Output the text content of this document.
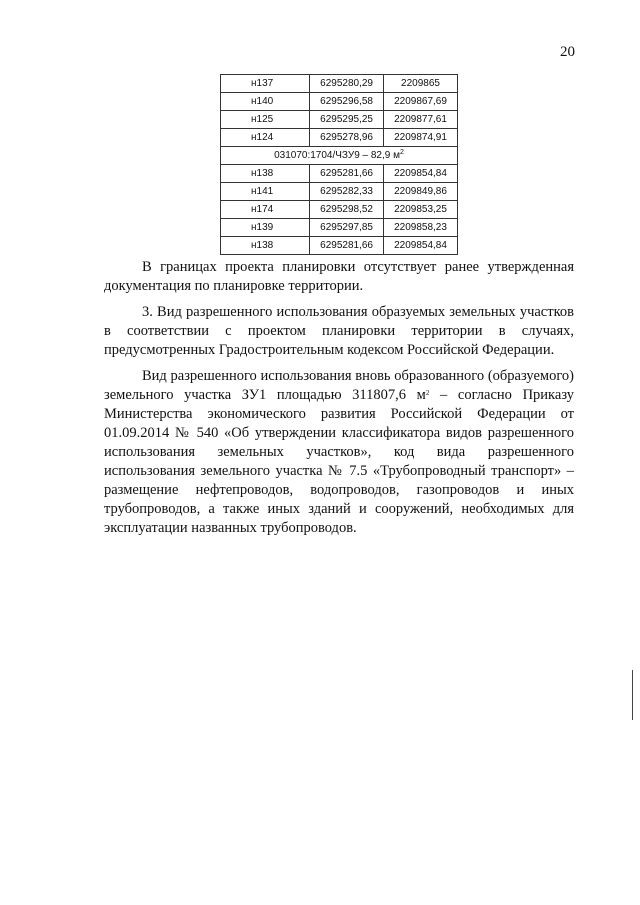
20
н137	6295280,29	2209865
н140	6295296,58	2209867,69
н125	6295295,25	2209877,61
н124	6295278,96	2209874,91
031070:1704/ЧЗУ9 – 82,9 $м^2$
н138	6295281,66	2209854,84
н141	6295282,33	2209849,86
н174	6295298,52	2209853,25
н139	6295297,85	2209858,23
н138	6295281,66	2209854,84

В границах проекта планировки отсутствует ранее утвержденная документация по планировке территории.

3. Вид разрешенного использования образуемых земельных участков в соответствии с проектом планировки территории в случаях, предусмотренных Градостроительным кодексом Российской Федерации.

Вид разрешенного использования вновь образованного (образуемого) земельного участка ЗУ1 площадью 311807,6 $м^2$ – согласно Приказу Министерства экономического развития Российской Федерации от 01.09.2014 № 540 «Об утверждении классификатора видов разрешенного использования земельных участков», код вида разрешенного использования земельного участка № 7.5 «Трубопроводный транспорт» – размещение нефтепроводов, водопроводов, газопроводов и иных трубопроводов, а также иных зданий и сооружений, необходимых для эксплуатации названных трубопроводов.
